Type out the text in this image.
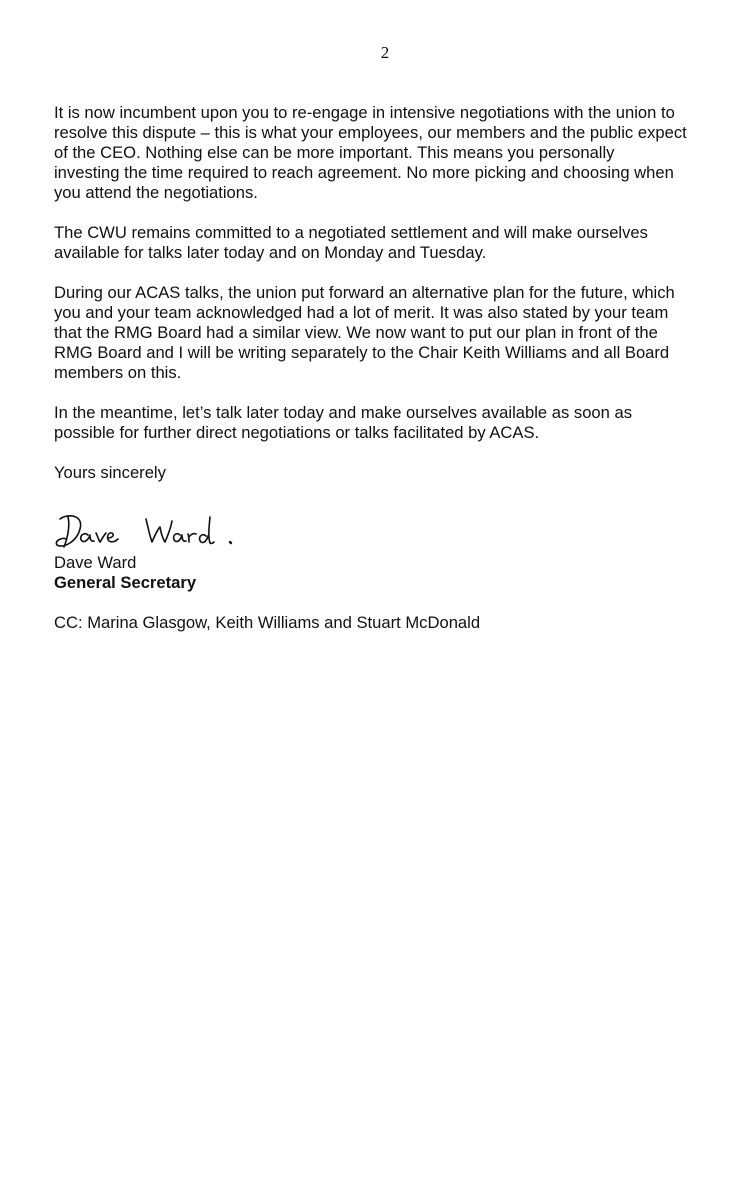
2

It is now incumbent upon you to re-engage in intensive negotiations with the union to
resolve this dispute – this is what your employees, our members and the public expect
of the CEO. Nothing else can be more important. This means you personally
investing the time required to reach agreement. No more picking and choosing when
you attend the negotiations.

The CWU remains committed to a negotiated settlement and will make ourselves
available for talks later today and on Monday and Tuesday.

During our ACAS talks, the union put forward an alternative plan for the future, which
you and your team acknowledged had a lot of merit. It was also stated by your team
that the RMG Board had a similar view. We now want to put our plan in front of the
RMG Board and I will be writing separately to the Chair Keith Williams and all Board
members on this.

In the meantime, let’s talk later today and make ourselves available as soon as
possible for further direct negotiations or talks facilitated by ACAS.

Yours sincerely

Dave Ward
General Secretary

CC: Marina Glasgow, Keith Williams and Stuart McDonald
